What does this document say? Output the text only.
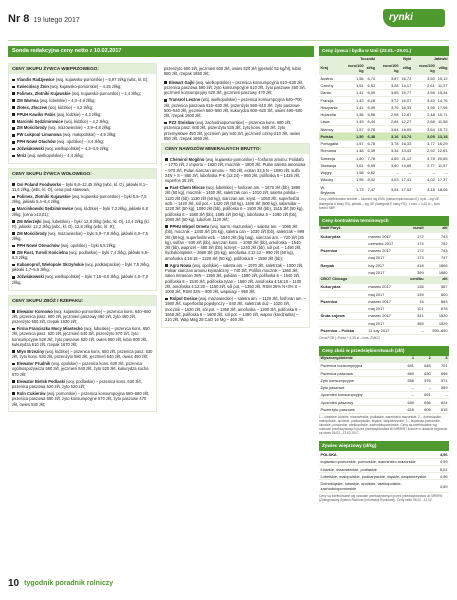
Nr 8 19 lutego 2017	rynki
Sonda redakcyjna ceny netto z 10.02.2017
CENY SKUPU ŻYWCA WIEPRZOWEGO:
Vlandis Radzjewice (woj. kujawsko-pomorskie) – 5,97 zł/kg (wbc, kl. E);
Kwiecińscy Żnin (woj. kujawsko-pomorskie) – 4,25 zł/kg;
Polimex, Złotniki Kujawskie (woj. kujawsko-pomorskie) – 4,4 zł/kg;
ZM Warmia (woj. lubelskie) – 4,0–4,9 zł/kg;
Złotex, Złoczew (woj. łódzkie) – 4,2 zł/kg;
PPUH Kawiks Pabis (woj. łódzkie) – 4,3 zł/kg;
Marcinki Sędzimirowice (woj. łódzkie) – 4,2 zł/kg;
ZM Mościbrody (woj. mazowieckie) – 3,9–4,8 zł/kg;
PW Lukpoul Limanowa (woj. małopolskie) – 4,9 zł/kg;
PPH Nowé Otachów (woj. opolskie) – 4,4 zł/kg;
Jóźwiakowski (woj. wielkopolskie) – 4,3–4,9 zł/kg;
Mróz (woj. wielkopolskie) – 4,4 zł/kg;
CENY SKUPU ŻYWCA WOŁOWEGO:
Osi Poland Foodworks – byki 9,8–12,45 zł/kg (wbc, kl. O), jałówki 8,1–11,6 zł/kg, (wbc, kl. O), cena pod-stawowa;
Polimex, Złotniki Kujawskie (woj. kujawsko-pomorskie) – byki 6,5–7,5 zł/kg, jałówki 5,4–6,4 zł/kg;
Marcinkowski Sędzimirowice (woj. łódzkie) – byki 7,3 zł/kg, jałówki 6,8 zł/kg, (cena ≥13,01);
ZM Wierzejki (woj. lubelskie) – byki: 12,8 zł/kg (wbc, kl. O), 13,4 zł/kg (kl. R), jałówki: 12,2 zł/kg (wbc, kl. O), 12,8 zł/kg (wbc, kl. R);
ZM Mościbrody (woj. mazowieckie) – byki 5,9–7,8 zł/kg, jałówki 6,0–7,5 zł/kg;
PPH Nowé Otmuchów (woj. opolskie) – byki 6,5 zł/kg;
ZM Rost, Turośl Kościelna (woj. podlaskie) – byki 7,4 zł/kg, jałówki 5,6–6,3 zł/kg;
Kabanoprof, Wielopole Skrzyńskie (woj. podkarpackie) – byki 7,5 zł/kg, jałówki 4,7–5,6 zł/kg;
Jóźwiakowski (woj. wielkopolskie) – byki 7,15–8,0 zł/kg, jałówki 4,0–7,0 zł/kg.
CENY SKUPU ZBÓŻ I RZEPAKU:
Elewator Kornowo (woj. kujawsko-pomorskie) – pszenica kons. 640–650 zł/t, pszenica pasz. 600 zł/t, jęczmień paszowy 480 zł/t, żyto 460 zł/t, pszenżyto 500 zł/t, rzepak 1630 zł/t;
Firma Franciszka Mocy Miastecko (woj. lubuskie) – pszenica kons. 650 zł/t, pszenica pasz. 620 zł/t, jęczmień 540 zł/t, pszenżyto 570 zł/t, żyto konsumpcyjne 520 zł/t, żyto paszowe 520 zł/t, owies 550 zł/t, łubin 800 zł/t, kukurydza 610 zł/t, rzepak 1670 zł/t;
Młyn Brzeziny (woj. łódzkie) – pszenica kons. 650 zł/t, pszenica pasz. 630 zł/t, żyto kons. 530 zł/t, pszenżyto 580 zł/t, jęczmień 540 zł/t, owies 450 zł/t;
Elewator Prudnik (woj. opolskie) – pszenica kons. 630 zł/t, pszenica ogólnospożywcza 560 zł/t, jęczmień 540 zł/t, żyto 520 zł/t, kukurydza sucha 570 zł/t;
Elewator Bielsk Podlaski (woj. podlaskie) – pszenica kons. 630 zł/t, pszenica paszowa 620 zł/t, żyto 520 zł/t;
Roln Cukierów (woj. pomorskie) – pszenica konsumpcyjna 660–680 zł/t, pszenica paszowa 660 zł/t, żyto konsumpcyjne 570 zł/t, żyto paszowe 470 zł/t, owies 530 zł/t;
pszenżyto 600 zł/t, jęczmień 600 zł/t, owies 520 zł/t (gęstość 52 kg/hl), łubin 880 zł/t, rzepak 1850 zł/t;
Elewart Gajki (woj. wielkopolskie) – pszenica konsumpcyjna 610–630 zł/t, pszenica paszowa 590 zł/t, żyto konsumpcyjne 510 zł/t, żyto paszowe 460 zł/t, jęczmień konsumpcyjny 520 zł/t, jęczmień paszowy 470 zł/t;
Transrol Leszno (woj. wielkopolskie) – pszenica konsumpcyjna 640–700 zł/t, pszenica paszowa 615–630 zł/t, pszenżyto 560–610 zł/t, żyto paszowe 500–540 zł/t, jęczmień 560–580 zł/t, kukurydza 600–620 zł/t, owies 490–500 zł/t, rzepak 1600 zł/t;
PZZ Stoisław (woj. zachodniopomorskie) – pszenica kons. 680 zł/t, pszenica pasz. 600 zł/t, pszenżyto 535 zł/t, żyto kons. 560 zł/t, żyto przemysłowe 450 zł/t, jęczmień jary 540 zł/t, jęczmień ozimy 510 zł/t, owies 550 zł/t, rzepak 1860 zł/t.
CENY NAWOZÓW MINERALNYCH BRUTTO:
Chemirol Mogilno (woj. kujawsko-pomorskie) – fosforan amonu: Polidafo – 1770 zł/t, z importu – 1620 zł/t, mocznik – 1800 zł/t, Pulan saletra amonowa – 970 zł/t, Pulan siarczan amonu – 780 zł/t, extran 33,5 N – 1080 zł/t, sulfo 24N + S – 880 zł/t, lubofoska P-K (12:24) – 950 zł/t, polifoska 6 – 1425 zł/t, superfos 25 zł/t;
Fast-Chem Mircze (woj. lubelskie) – fosforan am. – 1870 zł/t (bb), 1890 zł/t (50 kg), mocznik – 1450 zł/t, saletrzak can – 1010 zł/t, saletra polska – 1120 zł/t (bb), 1130 zł/t (50 kg), siarczan am. kryst. – 1050 zł/t, superfosfat wzb. – 1420 zł/t, sól pot. – 1420 zł/t (50 kg), 1400 zł/t (500 kg), salamidar – 1220 zł/t (50 kg), 1090 zł/t (bb), polifoska 6 – 1500 zł/t (bb), 1515 zł/t (50 kg), polifoska 6 – 1580 zł/t (bb), 1595 zł/t (50 kg), lubofoska 5 – 1080 zł/t (bb), 1080 zł/t (50 kg), lubofom 1120 zł/t;
PPHU Mirpol Ornetu (woj. warm.-mazurskie) – saletra am. – 1090 zł/t (bb), mocznik – 1340 zł/t (25 kg), saletra can – 1030 zł/t (bb), saletrzak – 999 zł/t (50 kg), superfosfat wzb. – 1540 zł/t (big bag), siarczan am. – 720 zł/t (25 kg), sulfan – 930 zł/t (bb), siarczan kons. – 1090 zł/t (bb), amofoska – 1540 zł/t (bb), wapnzel – 480 zł/t (bb), kizeryt – 1240 zł/t (bb), sól pot. – 1490 zł/t, hydrokompleks – 2680 zł/t (25 kg), amofoska 4:12:12 – 990 zł/t (50 kg), amofoska 4:16:18 – 1220 zł/t (50 kg), polifoska 8 – 1590 zł/t (bb);
Agra Nowa (woj. opolskie) – saletra am. – 1070 zł/t, saletrzak – 1000 zł/t, Pulsar siarczan amonu krystaliczny – 740 zł/t, Polifos mocznik – 1360 zł/t, salen Intrascan 26N – 1350 zł/t, polidan – 1590 zł/t, polifoska 6 – 1540 zł/t, polifoska 8 – 1540 zł/t, polifoska tytan – 1560 zł/t, amofoska 4:16:18 – 1100 zł/t, amofoska 4:12:20 – 1150 zł/t, sól pot. – 1350 zł/t, RSM 26% N+3% S – 1000 zł/t, RSM 32N – 900 zł/t, wapniagi – 950 zł/t;
Rolpol Gosice (woj. mazowieckie) – saletra am. – 1120 zł/t, fosforan am. – 1980 zł/t, superfosfat pojedynczy – 840 zł/t, saletrzak duż – 1020 zł/t, mocznik – 1620 zł/t, sól pot. – 1360 zł/t, amofoska – 1200 zł/t, polifoska 6 – 1660 zł/t, polifoska 8 – 1600 zł/t, sól pot. – 1480 zł/t, wapno (kredziarka) – 210 zł/t, Wap Mag 28 CaO 16 Mg – 460 zł/t.
Ceny żywca i bydła w Unii (23.01.–29.01.)
	Tuczniki		Byki		Jałówki	
Kraj	euro/100 kg	zł/kg	euro/100 kg	zł/kg	euro/100 kg	zł/kg
Austria	1,56	6,74	3,87	16,72	3,50	15,12
Czechy	1,51	6,52	3,28	14,17	2,61	11,27
Dania	1,41	6,09	3,65	15,77	3,55	15,34
Francja	1,43	6,18	3,72	16,07	3,40	14,76
Hiszpania	1,41	6,09	3,76	16,33	3,95	17,06
Holandia	1,38	5,96	2,98	12,87	2,48	10,71
Litwa	1,49	6,44	2,84	12,27	2,68	11,58
Niemcy	1,57	6,78	3,64	16,09	3,64	15,72
Polska	1,50	6,48	3,16	13,74	3,05	13,18
Portugalia	1,57	6,78	3,78	16,33	3,77	16,29
Rumunia	1,48	6,39	3,34	14,43	2,92	12,61
Szwecja	1,80	7,78	4,89	21,12	4,78	20,65
Słowacja	1,61	6,95	3,40	14,69	2,77	11,97
Węgry	1,58	6,82	–	–	–	–
Włochy	1,95	8,42	4,03	17,41	4,02	17,37
W. Brytania	1,73	7,47	3,54	17,52	4,18	18,06
Ceny zdefiniowane średnie – tuczniki: wg EMU (klasa mięśniowości E), byki – wg UE (kategoria A klasy R3), jałówki – wg UE (kategoria E klasy R3), 1 euro = 4,32 zł – kurs średni NBP.
Ceny kontraktów terminowych
Matif Paryż		euro/t	zł/t
Kukurydza	marzec 2017	172	743
	czerwiec 2017	174	752
Pszenica	marzec 2017	172	743
	maj 2017	173	747
Rzepak	luty 2017	418	1806
	maj 2017	399	1680
CBOT Chicago		cent/bu	zł/t
Kukurydza	marzec 2017	136	567
	maj 2017	139	600
Pszenica	marzec 2017	15	663
	maj 2017	121	678
Śruta sojowa	marzec 2017	341	1520
	maj 2017	355	1529
Pszenica – Polska	11 luty 2017	–	590–690
Cena FOB (–Punkt + 4,30 zł – kurs: ZMK2)
Ceny zbóż w przedsiębiorstwach (zł/t)
Wyszczególnienie	1	2	3
Pszenica konsumpcyjna	691	645	701
Pszenica paszowa	660	630	696
Żyto konsumpcyjne	556	576	571
Żyto paszowe	–	–	559
Jęczmień konsumpcyjny	–	691	–
Jęczmień paszowy	640	636	624
Pszenżyto paszowe	616	605	615
1 – lubelskie, łódzkie, mazowieckie, podlaskie, warmińsko-mazurskie; 2 – dolnośląskie, małopolskie, opolskie, podkarpackie, śląskie, świętokrzyskie; 3 – kujawsko-pomorskie, lubuskie, pomorskie, wielkopolskie, zachodniopomorskie. Ceny są zdefiniowane wg notowań przekazywanych przez przedsiębiorstwa do MRiRW i liczone w układzie regionów za okres 06.02.–12.02.2017.
Żywiec wieprzowy (zł/kg)
POLSKA	4,96
kujawsko-pomorskie, pomorskie, warmińsko-mazurskie	4,99
Łódzkie, mazowieckie, podlaskie	5,01
Lubelskie, małopolskie, podkarpackie, śląskie, świętokrzyskie	4,96
Dolnośląskie, lubuskie, opolskie, wielkopolskie, zachodniopomorskie	4,89
Ceny są zdefiniowane wg notowań przekazywanych przez przedsiębiorstwa do MRiRW (Zintegrowany System Rolniczej Informacji Rynkowej). Ceny netto 06.02.–12.02.
10 tygodnik poradnik rolniczy
